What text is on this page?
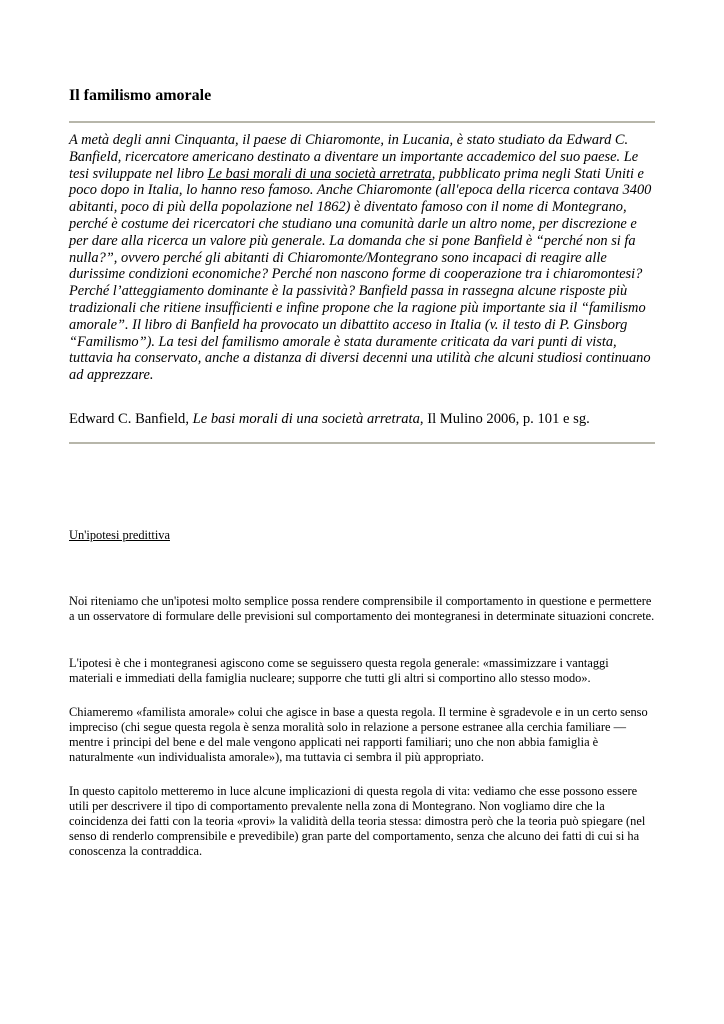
Il familismo amorale

A metà degli anni Cinquanta, il paese di Chiaromonte, in Lucania, è stato studiato da Edward C. Banfield, ricercatore americano destinato a diventare un importante accademico del suo paese. Le tesi sviluppate nel libro Le basi morali di una società arretrata, pubblicato prima negli Stati Uniti e poco dopo in Italia, lo hanno reso famoso. Anche Chiaromonte (all'epoca della ricerca contava 3400 abitanti, poco di più della popolazione nel 1862) è diventato famoso con il nome di Montegrano, perché è costume dei ricercatori che studiano una comunità darle un altro nome, per discrezione e per dare alla ricerca un valore più generale. La domanda che si pone Banfield è “perché non si fa nulla?”, ovvero perché gli abitanti di Chiaromonte/Montegrano sono incapaci di reagire alle durissime condizioni economiche? Perché non nascono forme di cooperazione tra i chiaromontesi? Perché l’atteggiamento dominante è la passività? Banfield passa in rassegna alcune risposte più tradizionali che ritiene insufficienti e infine propone che la ragione più importante sia il “familismo amorale”. Il libro di Banfield ha provocato un dibattito acceso in Italia (v. il testo di P. Ginsborg “Familismo”). La tesi del familismo amorale è stata duramente criticata da vari punti di vista, tuttavia ha conservato, anche a distanza di diversi decenni una utilità che alcuni studiosi continuano ad apprezzare.

Edward C. Banfield, Le basi morali di una società arretrata, Il Mulino 2006, p. 101 e sg.

Un'ipotesi predittiva

Noi riteniamo che un'ipotesi molto semplice possa rendere comprensibile il comportamento in questione e permettere a un osservatore di formulare delle previsioni sul comportamento dei montegranesi in determinate situazioni concrete.

L'ipotesi è che i montegranesi agiscono come se seguissero questa regola generale: «massimizzare i vantaggi materiali e immediati della famiglia nucleare; supporre che tutti gli altri si comportino allo stesso modo».

Chiameremo «familista amorale» colui che agisce in base a questa regola. Il termine è sgradevole e in un certo senso impreciso (chi segue questa regola è senza moralità solo in relazione a persone estranee alla cerchia familiare — mentre i principi del bene e del male vengono applicati nei rapporti familiari; uno che non abbia famiglia è naturalmente «un individualista amorale»), ma tuttavia ci sembra il più appropriato.

In questo capitolo metteremo in luce alcune implicazioni di questa regola di vita: vediamo che esse possono essere utili per descrivere il tipo di comportamento prevalente nella zona di Montegrano. Non vogliamo dire che la coincidenza dei fatti con la teoria «provi» la validità della teoria stessa: dimostra però che la teoria può spiegare (nel senso di renderlo comprensibile e prevedibile) gran parte del comportamento, senza che alcuno dei fatti di cui si ha conoscenza la contraddica.
